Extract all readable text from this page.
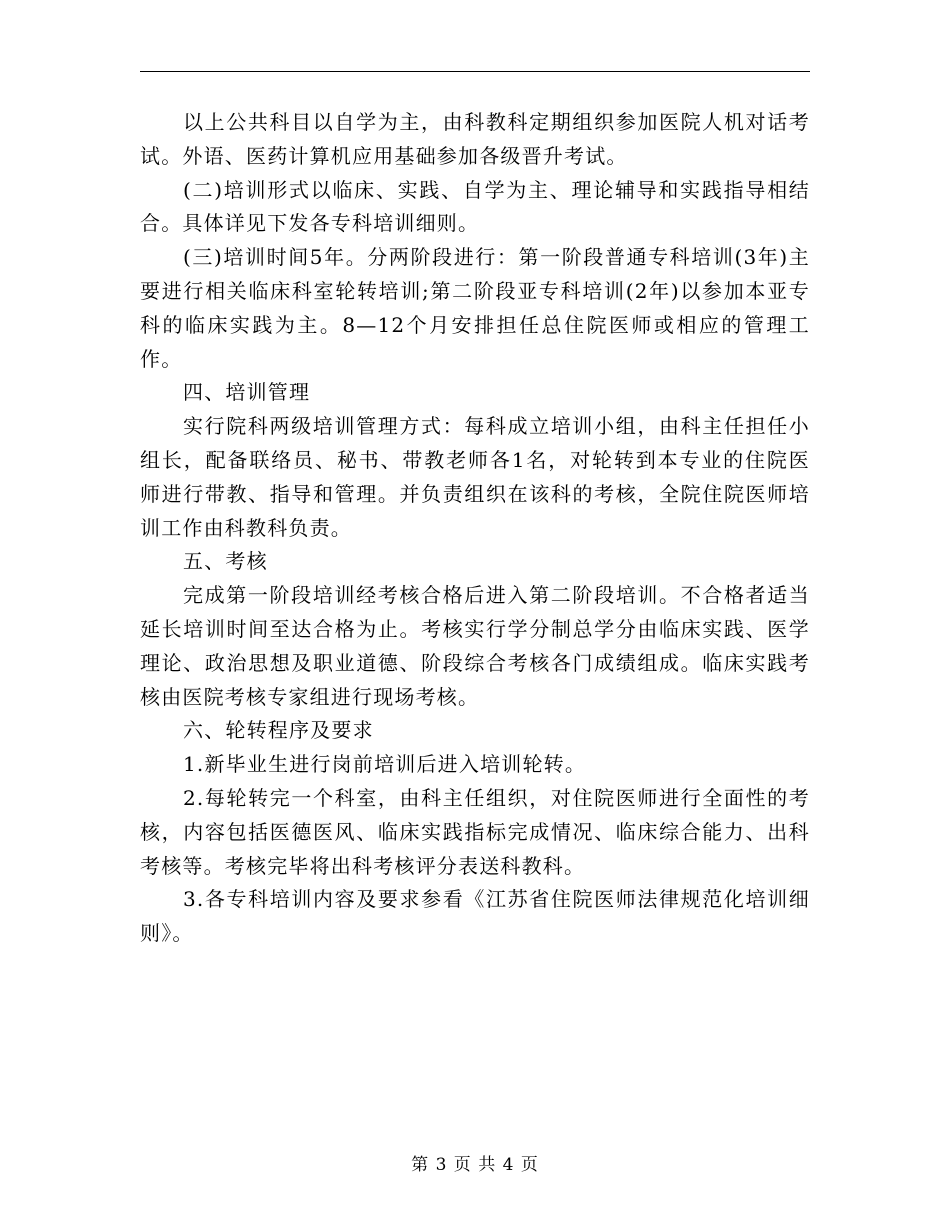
以上公共科目以自学为主，由科教科定期组织参加医院人机对话考试。外语、医药计算机应用基础参加各级晋升考试。

(二)培训形式以临床、实践、自学为主、理论辅导和实践指导相结合。具体详见下发各专科培训细则。

(三)培训时间5年。分两阶段进行：第一阶段普通专科培训(3年)主要进行相关临床科室轮转培训;第二阶段亚专科培训(2年)以参加本亚专科的临床实践为主。8—12个月安排担任总住院医师或相应的管理工作。

四、培训管理

实行院科两级培训管理方式：每科成立培训小组，由科主任担任小组长，配备联络员、秘书、带教老师各1名，对轮转到本专业的住院医师进行带教、指导和管理。并负责组织在该科的考核，全院住院医师培训工作由科教科负责。

五、考核

完成第一阶段培训经考核合格后进入第二阶段培训。不合格者适当延长培训时间至达合格为止。考核实行学分制总学分由临床实践、医学理论、政治思想及职业道德、阶段综合考核各门成绩组成。临床实践考核由医院考核专家组进行现场考核。

六、轮转程序及要求

1.新毕业生进行岗前培训后进入培训轮转。

2.每轮转完一个科室，由科主任组织，对住院医师进行全面性的考核，内容包括医德医风、临床实践指标完成情况、临床综合能力、出科考核等。考核完毕将出科考核评分表送科教科。

3.各专科培训内容及要求参看《江苏省住院医师法律规范化培训细则》。

第 3 页 共 4 页
